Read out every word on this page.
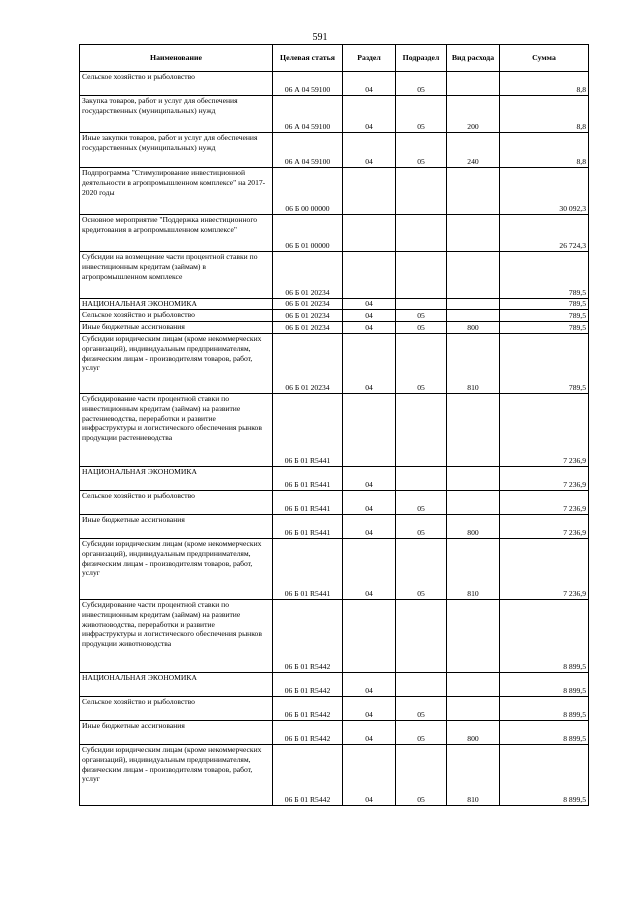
591
Наименование	Целевая статья	Раздел	Подраздел	Вид расхода	Сумма
Сельское хозяйство и рыболовство	06 А 04 59100	04	05		8,8
Закупка товаров, работ и услуг для обеспечения государственных (муниципальных) нужд	06 А 04 59100	04	05	200	8,8
Иные закупки товаров, работ и услуг для обеспечения государственных (муниципальных) нужд	06 А 04 59100	04	05	240	8,8
Подпрограмма "Стимулирование инвестиционной деятельности в агропромышленном комплексе" на 2017-2020 годы	06 Б 00 00000				30 092,3
Основное мероприятие "Поддержка инвестиционного кредитования в агропромышленном комплексе"	06 Б 01 00000				26 724,3
Субсидии на возмещение части процентной ставки по инвестиционным кредитам (займам) в агропромышленном комплексе	06 Б 01 20234				789,5
НАЦИОНАЛЬНАЯ ЭКОНОМИКА	06 Б 01 20234	04			789,5
Сельское хозяйство и рыболовство	06 Б 01 20234	04	05		789,5
Иные бюджетные ассигнования	06 Б 01 20234	04	05	800	789,5
Субсидии юридическим лицам (кроме некоммерческих организаций), индивидуальным предпринимателям, физическим лицам - производителям товаров, работ, услуг	06 Б 01 20234	04	05	810	789,5
Субсидирование части процентной ставки по инвестиционным кредитам (займам) на развитие растениеводства, переработки и развитие инфраструктуры и логистического обеспечения рынков продукции растениеводства	06 Б 01 R5441				7 236,9
НАЦИОНАЛЬНАЯ ЭКОНОМИКА	06 Б 01 R5441	04			7 236,9
Сельское хозяйство и рыболовство	06 Б 01 R5441	04	05		7 236,9
Иные бюджетные ассигнования	06 Б 01 R5441	04	05	800	7 236,9
Субсидии юридическим лицам (кроме некоммерческих организаций), индивидуальным предпринимателям, физическим лицам - производителям товаров, работ, услуг	06 Б 01 R5441	04	05	810	7 236,9
Субсидирование части процентной ставки по инвестиционным кредитам (займам) на развитие животноводства, переработки и развитие инфраструктуры и логистического обеспечения рынков продукции животноводства	06 Б 01 R5442				8 899,5
НАЦИОНАЛЬНАЯ ЭКОНОМИКА	06 Б 01 R5442	04			8 899,5
Сельское хозяйство и рыболовство	06 Б 01 R5442	04	05		8 899,5
Иные бюджетные ассигнования	06 Б 01 R5442	04	05	800	8 899,5
Субсидии юридическим лицам (кроме некоммерческих организаций), индивидуальным предпринимателям, физическим лицам - производителям товаров, работ, услуг	06 Б 01 R5442	04	05	810	8 899,5
